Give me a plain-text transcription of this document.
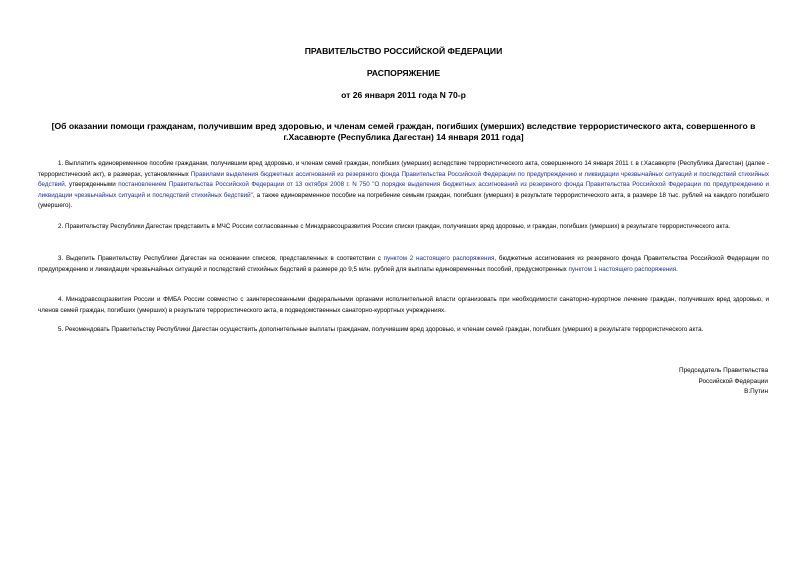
ПРАВИТЕЛЬСТВО РОССИЙСКОЙ ФЕДЕРАЦИИ
РАСПОРЯЖЕНИЕ
от 26 января 2011 года N 70-р
[Об оказании помощи гражданам, получившим вред здоровью, и членам семей граждан, погибших (умерших) вследствие террористического акта, совершенного в г.Хасавюрте (Республика Дагестан) 14 января 2011 года]
1. Выплатить единовременное пособие гражданам, получившим вред здоровью, и членам семей граждан, погибших (умерших) вследствие террористического акта, совершенного 14 января 2011 г. в г.Хасавюрте (Республика Дагестан) (далее - террористический акт), в размерах, установленных Правилами выделения бюджетных ассигнований из резервного фонда Правительства Российской Федерации по предупреждению и ликвидации чрезвычайных ситуаций и последствий стихийных бедствий, утвержденными постановлением Правительства Российской Федерации от 13 октября 2008 г. N 750 "О порядке выделения бюджетных ассигнований из резервного фонда Правительства Российской Федерации по предупреждению и ликвидации чрезвычайных ситуаций и последствий стихийных бедствий", а также единовременное пособие на погребение семьям граждан, погибших (умерших) в результате террористического акта, в размере 18 тыс. рублей на каждого погибшего (умершего).
2. Правительству Республики Дагестан представить в МЧС России согласованные с Минздравсоцразвития России списки граждан, получивших вред здоровью, и граждан, погибших (умерших) в результате террористического акта.
3. Выделить Правительству Республики Дагестан на основании списков, представленных в соответствии с пунктом 2 настоящего распоряжения, бюджетные ассигнования из резервного фонда Правительства Российской Федерации по предупреждению и ликвидации чрезвычайных ситуаций и последствий стихийных бедствий в размере до 9,5 млн. рублей для выплаты единовременных пособий, предусмотренных пунктом 1 настоящего распоряжения.
4. Минздравсоцразвития России и ФМБА России совместно с заинтересованными федеральными органами исполнительной власти организовать при необходимости санаторно-курортное лечение граждан, получивших вред здоровью, и членов семей граждан, погибших (умерших) в результате террористического акта, в подведомственных санаторно-курортных учреждениях.
5. Рекомендовать Правительству Республики Дагестан осуществить дополнительные выплаты гражданам, получившим вред здоровью, и членам семей граждан, погибших (умерших) в результате террористического акта.
Председатель Правительства
Российской Федерации
В.Путин
